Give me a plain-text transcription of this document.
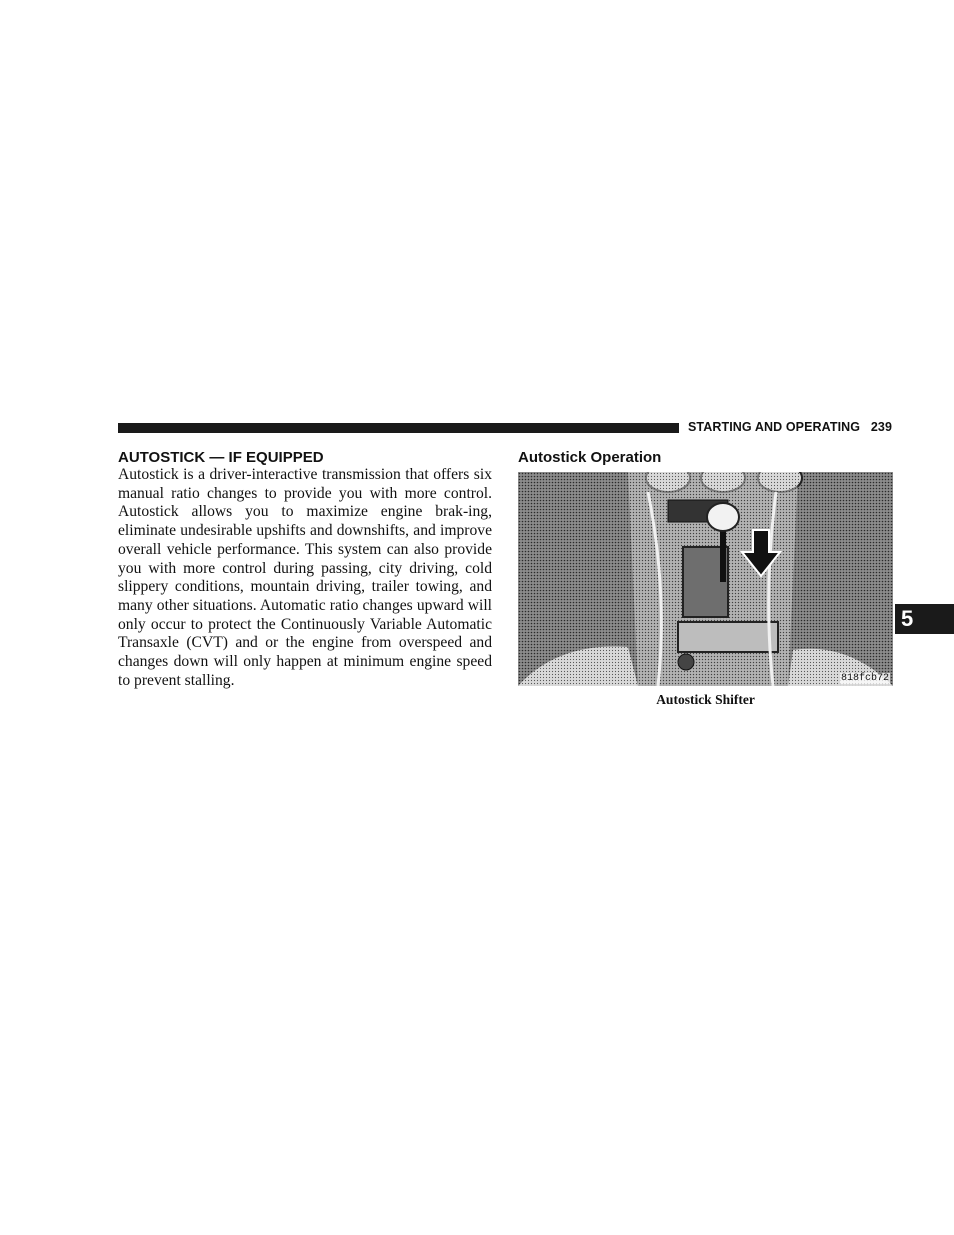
STARTING AND OPERATING 239
AUTOSTICK — IF EQUIPPED

Autostick is a driver-interactive transmission that offers six manual ratio changes to provide you with more control. Autostick allows you to maximize engine brak-ing, eliminate undesirable upshifts and downshifts, and improve overall vehicle performance. This system can also provide you with more control during passing, city driving, cold slippery conditions, mountain driving, trailer towing, and many other situations. Automatic ratio changes upward will only occur to protect the Continuously Variable Automatic Transaxle (CVT) and or the engine from overspeed and changes down will only happen at minimum engine speed to prevent stalling.

Autostick Operation
818fcb72
Autostick Shifter
5
